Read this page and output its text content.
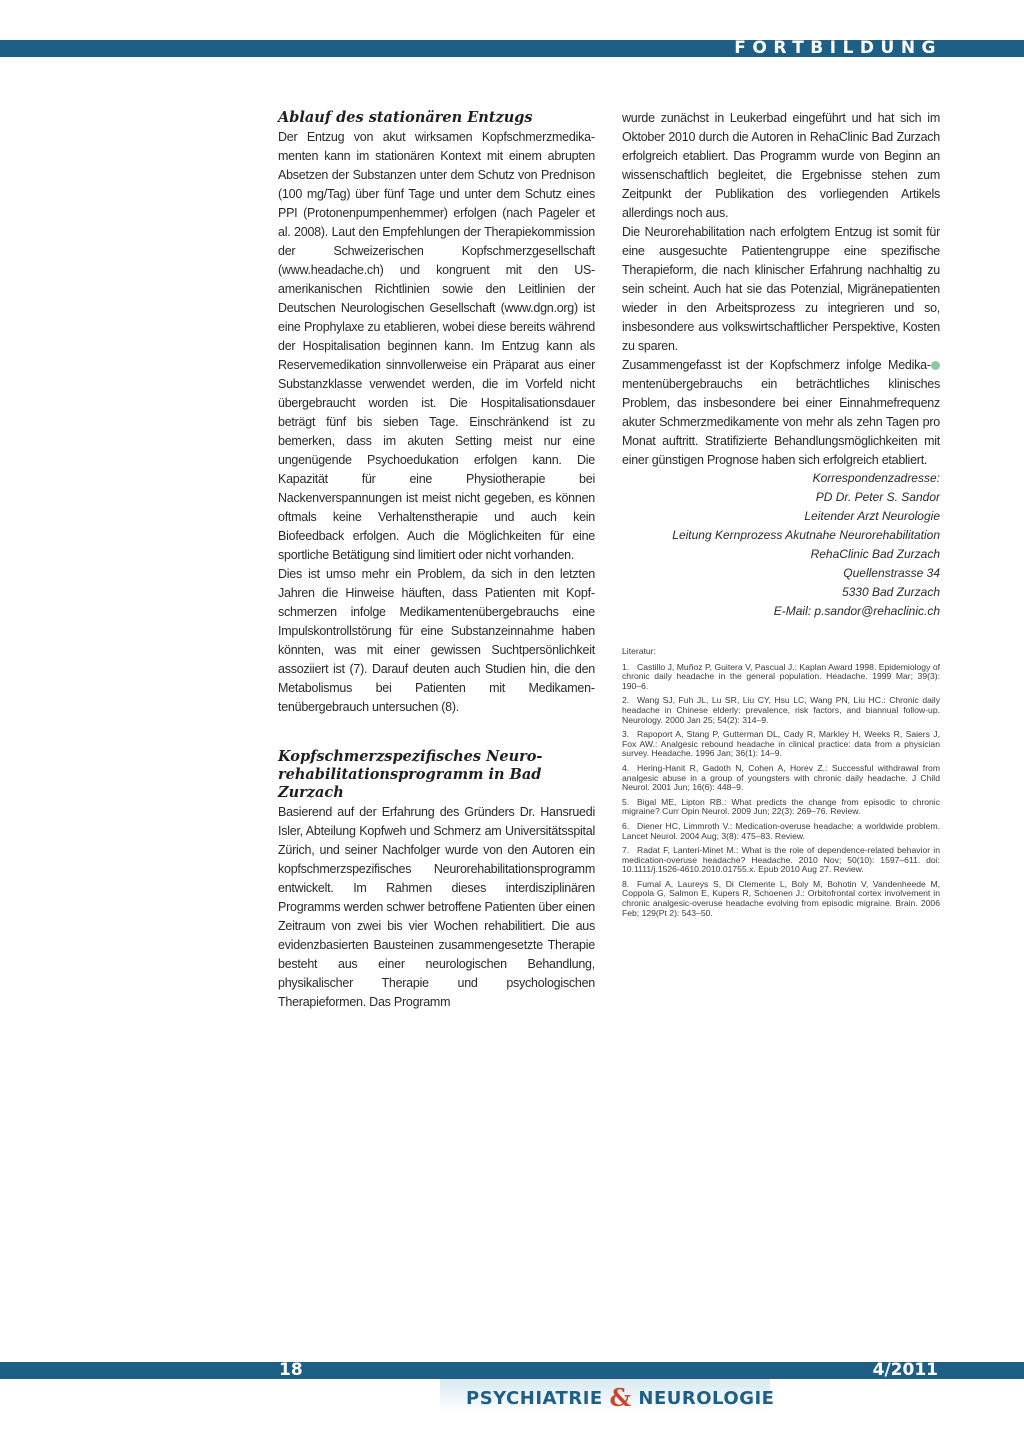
FORTBILDUNG
Ablauf des stationären Entzugs

Der Entzug von akut wirksamen Kopfschmerzmedikamenten kann im stationären Kontext mit einem abrupten Absetzen der Substanzen unter dem Schutz von Prednison (100 mg/Tag) über fünf Tage und unter dem Schutz eines PPI (Protonenpumpenhemmer) erfolgen (nach Pageler et al. 2008). Laut den Empfehlungen der Therapiekommission der Schweizerischen Kopfschmerzgesellschaft (www.headache.ch) und kongruent mit den US-amerikanischen Richtlinien sowie den Leitlinien der Deutschen Neurologischen Gesellschaft (www.dgn.org) ist eine Prophylaxe zu etablieren, wobei diese bereits während der Hospitalisation beginnen kann. Im Entzug kann als Reservemedikation sinnvollerweise ein Präparat aus einer Substanzklasse verwendet werden, die im Vorfeld nicht übergebraucht worden ist. Die Hospitalisationsdauer beträgt fünf bis sieben Tage. Einschränkend ist zu bemerken, dass im akuten Setting meist nur eine ungenügende Psychoedukation erfolgen kann. Die Kapazität für eine Physiotherapie bei Nackenverspannungen ist meist nicht gegeben, es können oftmals keine Verhaltenstherapie und auch kein Biofeedback erfolgen. Auch die Möglichkeiten für eine sportliche Betätigung sind limitiert oder nicht vorhanden.

Dies ist umso mehr ein Problem, da sich in den letzten Jahren die Hinweise häuften, dass Patienten mit Kopfschmerzen infolge Medikamentenübergebrauchs eine Impulskontrollstörung für eine Substanzeinnahme haben könnten, was mit einer gewissen Suchtpersönlichkeit assoziiert ist (7). Darauf deuten auch Studien hin, die den Metabolismus bei Patienten mit Medikamentenübergebrauch untersuchen (8).

Kopfschmerzspezifisches Neuro-
rehabilitationsprogramm in Bad Zurzach

Basierend auf der Erfahrung des Gründers Dr. Hansruedi Isler, Abteilung Kopfweh und Schmerz am Universitätsspital Zürich, und seiner Nachfolger wurde von den Autoren ein kopfschmerzspezifisches Neurorehabilitationsprogramm entwickelt. Im Rahmen dieses interdisziplinären Programms werden schwer betroffene Patienten über einen Zeitraum von zwei bis vier Wochen rehabilitiert. Die aus evidenzbasierten Bausteinen zusammengesetzte Therapie besteht aus einer neurologischen Behandlung, physikalischer Therapie und psychologischen Therapieformen. Das Programm

wurde zunächst in Leukerbad eingeführt und hat sich im Oktober 2010 durch die Autoren in RehaClinic Bad Zurzach erfolgreich etabliert. Das Programm wurde von Beginn an wissenschaftlich begleitet, die Ergebnisse stehen zum Zeitpunkt der Publikation des vorliegenden Artikels allerdings noch aus.

Die Neurorehabilitation nach erfolgtem Entzug ist somit für eine ausgesuchte Patientengruppe eine spezifische Therapieform, die nach klinischer Erfahrung nachhaltig zu sein scheint. Auch hat sie das Potenzial, Migränepatienten wieder in den Arbeitsprozess zu integrieren und so, insbesondere aus volkswirtschaftlicher Perspektive, Kosten zu sparen.

Zusammengefasst ist der Kopfschmerz infolge Medikamentenübergebrauchs ein beträchtliches klinisches Problem, das insbesondere bei einer Einnahmefrequenz akuter Schmerzmedikamente von mehr als zehn Tagen pro Monat auftritt. Stratifizierte Behandlungsmöglichkeiten mit einer günstigen Prognose haben sich erfolgreich etabliert.

Korrespondenzadresse:
PD Dr. Peter S. Sandor
Leitender Arzt Neurologie
Leitung Kernprozess Akutnahe Neurorehabilitation
RehaClinic Bad Zurzach
Quellenstrasse 34
5330 Bad Zurzach
E-Mail: p.sandor@rehaclinic.ch
Literatur:
1. Castillo J, Muñoz P, Guitera V, Pascual J.: Kaplan Award 1998. Epidemiology of chronic daily headache in the general population. Headache. 1999 Mar; 39(3): 190–6.
2. Wang SJ, Fuh JL, Lu SR, Liu CY, Hsu LC, Wang PN, Liu HC.: Chronic daily headache in Chinese elderly: prevalence, risk factors, and biannual follow-up. Neurology. 2000 Jan 25; 54(2): 314–9.
3. Rapoport A, Stang P, Gutterman DL, Cady R, Markley H, Weeks R, Saiers J, Fox AW.: Analgesic rebound headache in clinical practice: data from a physician survey. Headache. 1996 Jan; 36(1): 14–9.
4. Hering-Hanit R, Gadoth N, Cohen A, Horev Z.: Successful withdrawal from analgesic abuse in a group of youngsters with chronic daily headache. J Child Neurol. 2001 Jun; 16(6): 448–9.
5. Bigal ME, Lipton RB.: What predicts the change from episodic to chronic migraine? Curr Opin Neurol. 2009 Jun; 22(3): 269–76. Review.
6. Diener HC, Limmroth V.: Medication-overuse headache: a worldwide problem. Lancet Neurol. 2004 Aug; 3(8): 475–83. Review.
7. Radat F, Lanteri-Minet M.: What is the role of dependence-related behavior in medication-overuse headache? Headache. 2010 Nov; 50(10): 1597–611. doi: 10.1111/j.1526-4610.2010.01755.x. Epub 2010 Aug 27. Review.
8. Fumal A, Laureys S, Di Clemente L, Boly M, Bohotin V, Vandenheede M, Coppola G, Salmon E, Kupers R, Schoenen J.: Orbitofrontal cortex involvement in chronic analgesic-overuse headache evolving from episodic migraine. Brain. 2006 Feb; 129(Pt 2): 543–50.
18	4/2011
PSYCHIATRIE & NEUROLOGIE
